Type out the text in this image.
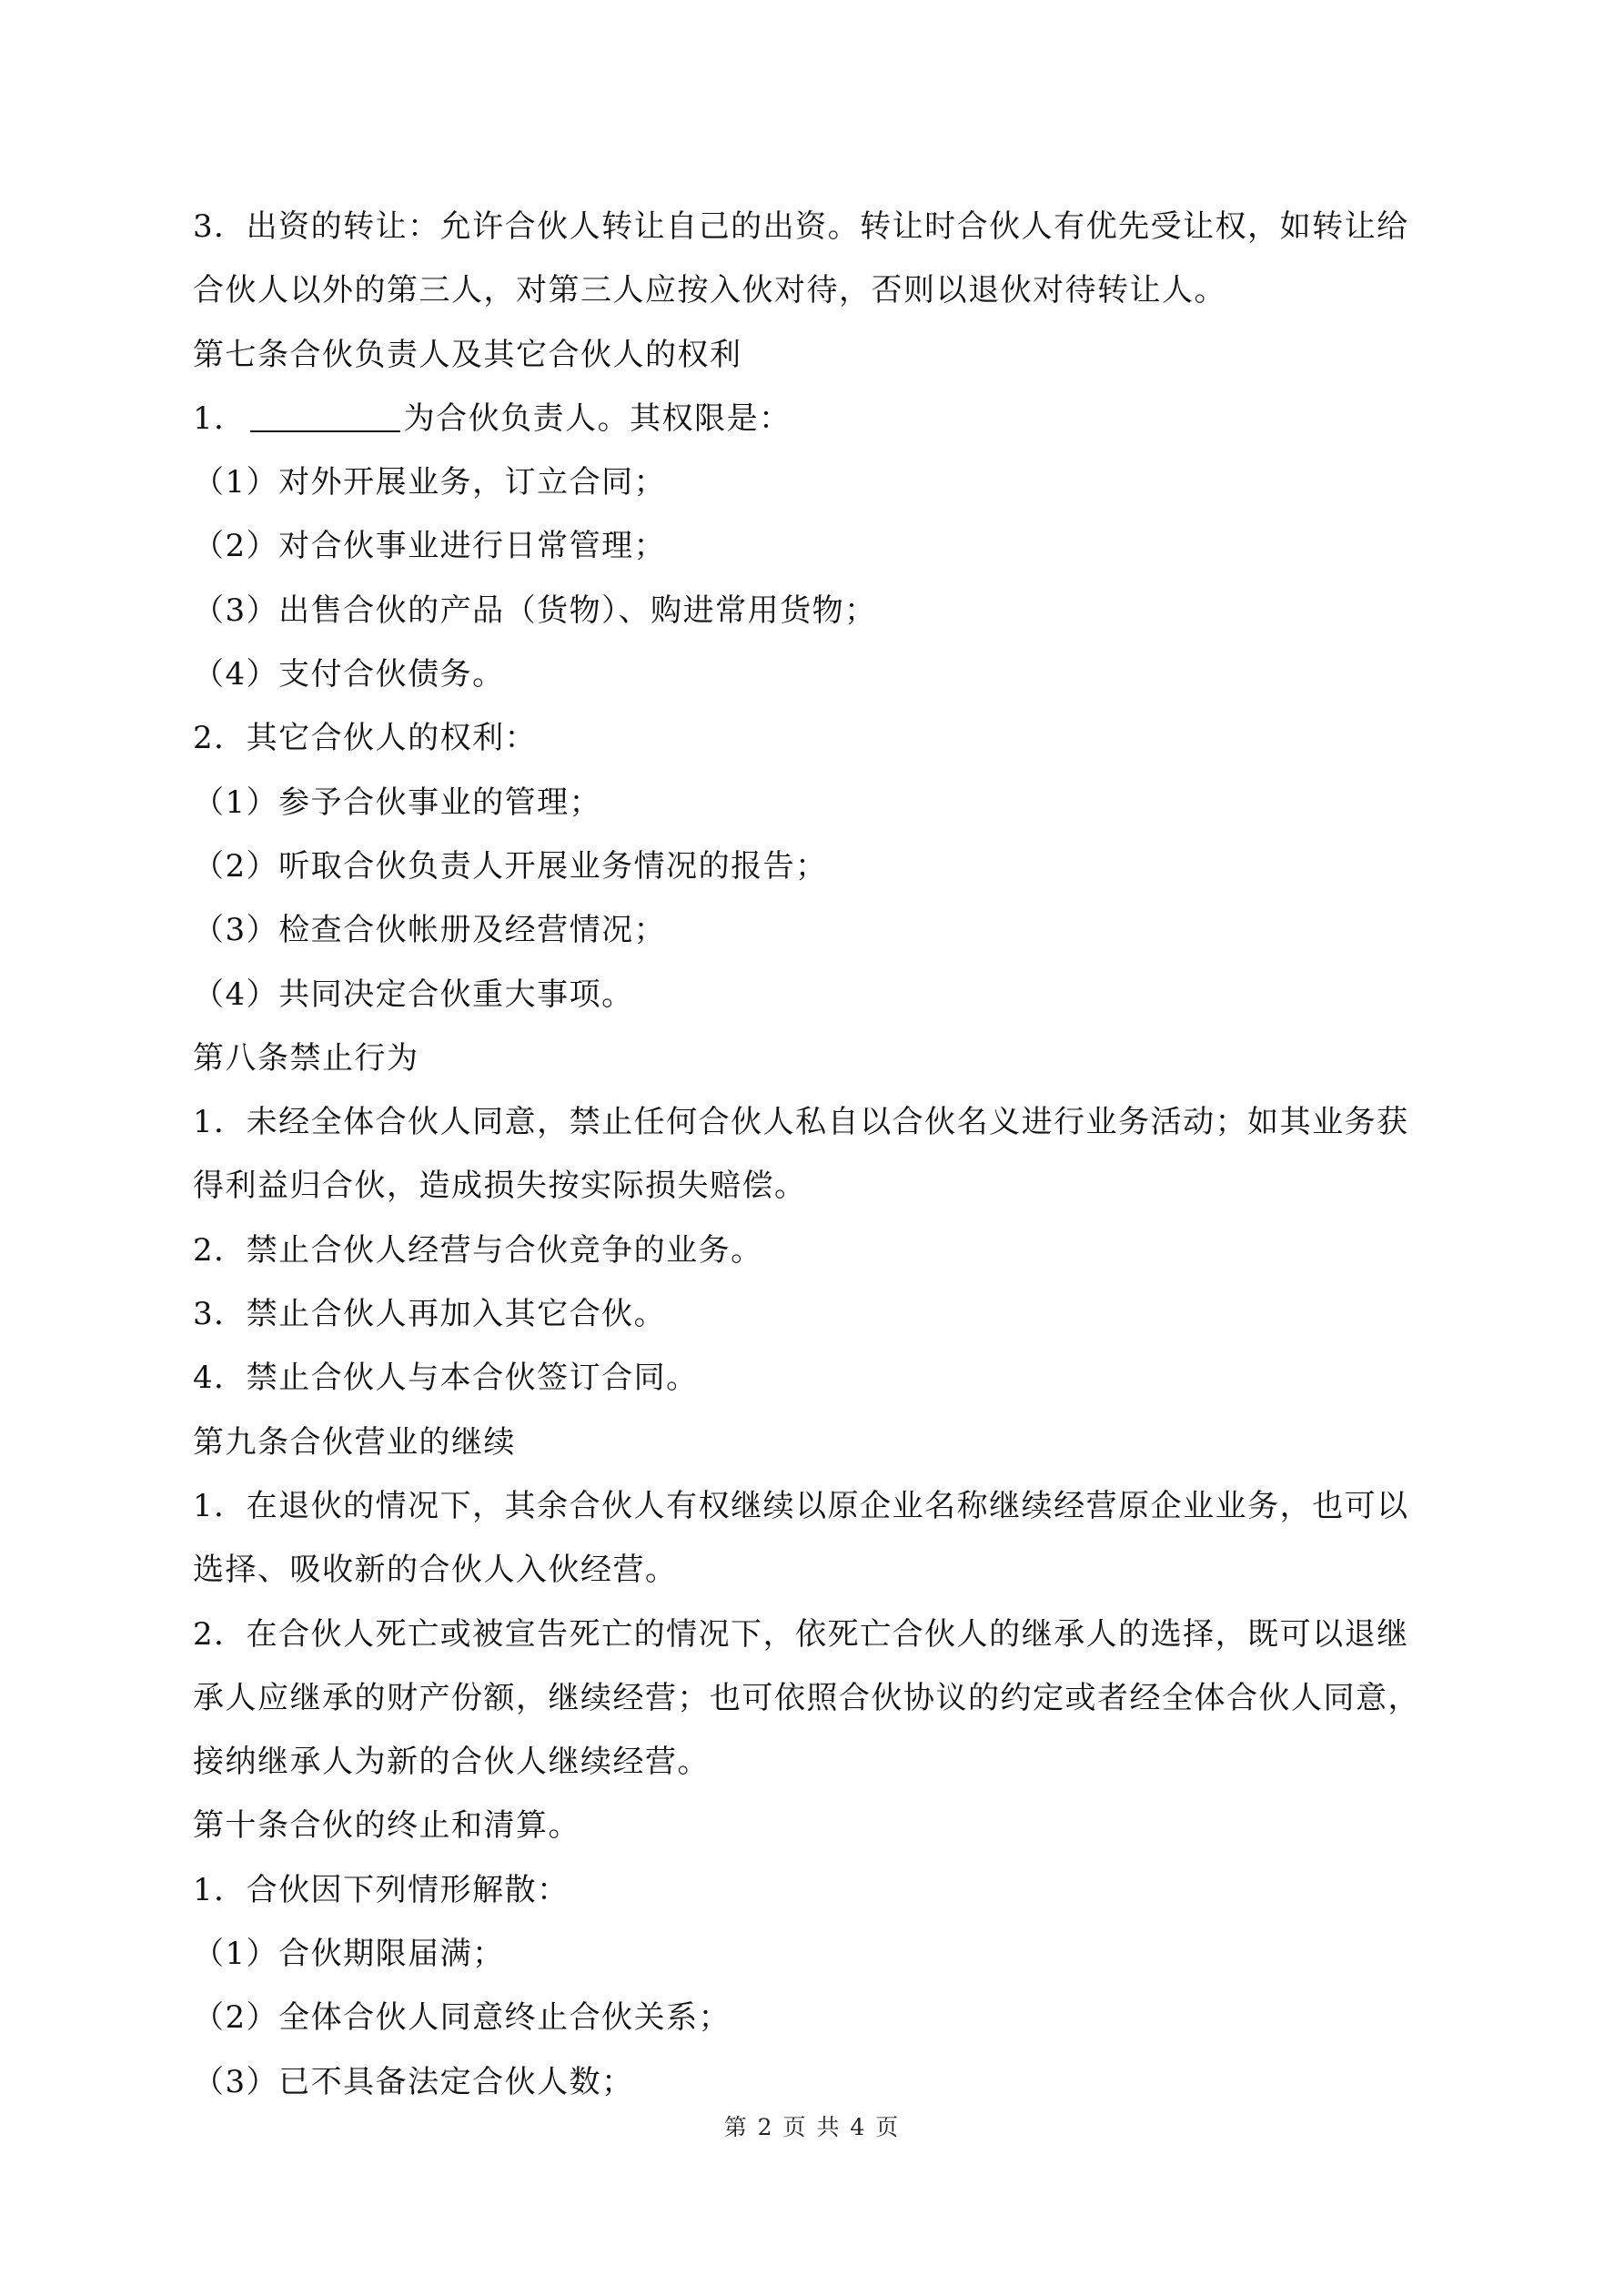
3．出资的转让：允许合伙人转让自己的出资。转让时合伙人有优先受让权，如转让给
合伙人以外的第三人，对第三人应按入伙对待，否则以退伙对待转让人。
第七条合伙负责人及其它合伙人的权利
1．	为合伙负责人。其权限是：
（1）对外开展业务，订立合同；
（2）对合伙事业进行日常管理；
（3）出售合伙的产品（货物）、购进常用货物；
（4）支付合伙债务。
2．其它合伙人的权利：
（1）参予合伙事业的管理；
（2）听取合伙负责人开展业务情况的报告；
（3）检查合伙帐册及经营情况；
（4）共同决定合伙重大事项。
第八条禁止行为
1．未经全体合伙人同意，禁止任何合伙人私自以合伙名义进行业务活动；如其业务获
得利益归合伙，造成损失按实际损失赔偿。
2．禁止合伙人经营与合伙竞争的业务。
3．禁止合伙人再加入其它合伙。
4．禁止合伙人与本合伙签订合同。
第九条合伙营业的继续
1．在退伙的情况下，其余合伙人有权继续以原企业名称继续经营原企业业务，也可以
选择、吸收新的合伙人入伙经营。
2．在合伙人死亡或被宣告死亡的情况下，依死亡合伙人的继承人的选择，既可以退继
承人应继承的财产份额，继续经营；也可依照合伙协议的约定或者经全体合伙人同意，
接纳继承人为新的合伙人继续经营。
第十条合伙的终止和清算。
1．合伙因下列情形解散：
（1）合伙期限届满；
（2）全体合伙人同意终止合伙关系；
（3）已不具备法定合伙人数；
第 2 页 共 4 页
